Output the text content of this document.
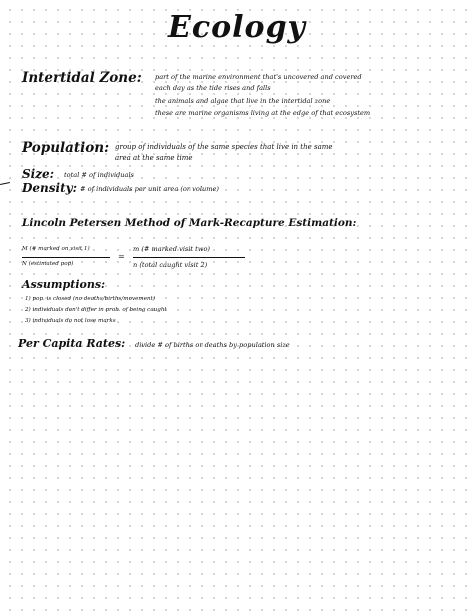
Ecology
Intertidal Zone: part of the marine environment that's uncovered and covered
each day as the tide rises and falls
the animals and algae that live in the intertidal zone
these are marine organisms living at the edge of that ecosystem
Population: group of individuals of the same species that live in the same
area at the same time
Size: total # of individuals
Density: # of individuals per unit area (or volume)
Lincoln Petersen Method of Mark-Recapture Estimation:
M (# marked on visit 1)
N (estimated pop)
=
m (# marked visit two)
n (total caught visit 2)
Assumptions:
1) pop. is closed (no deaths/births/movement)
2) individuals don't differ in prob. of being caught
3) individuals do not lose marks
Per Capita Rates: divide # of births or deaths by population size
